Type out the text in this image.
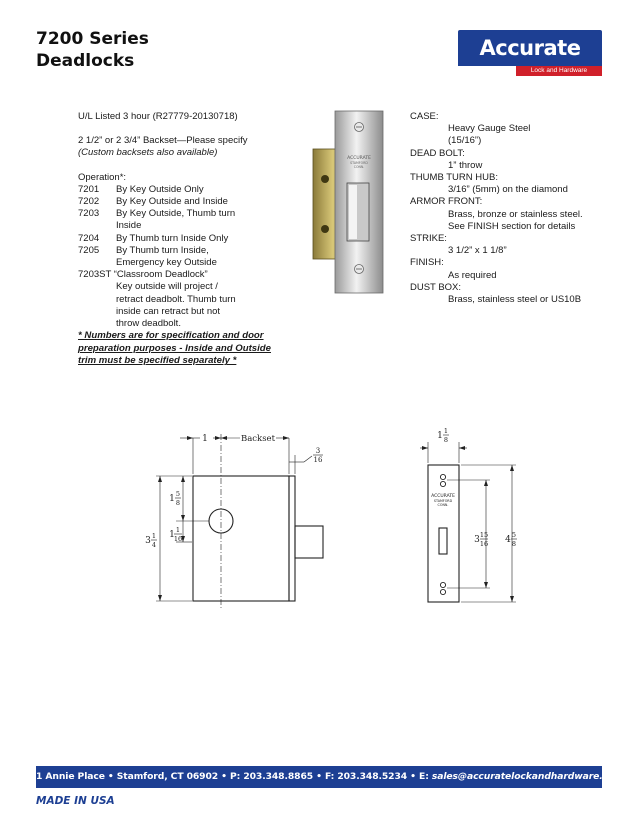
7200 Series
Deadlocks
Accurate
Lock and Hardware

U/L Listed 3 hour (R27779-20130718)

2 1/2” or 2 3/4” Backset—Please specify

(Custom backsets also available)

Operation*:

7201	By Key Outside Only
7202	By Key Outside and Inside
7203	By Key Outside, Thumb turn

Inside

7204	By Thumb turn Inside Only
7205	By Thumb turn Inside,

Emergency key Outside

7203ST “Classroom Deadlock”

Key outside will project /

retract deadbolt. Thumb turn

inside can retract but not

throw deadbolt.

* Numbers are for specification and door preparation purposes - Inside and Outside trim must be specified separately *

ACCURATE
STAMFORD
CONN.

CASE:

Heavy Gauge Steel

(15/16”)

DEAD BOLT:

1” throw

THUMB TURN HUB:

3/16” (5mm) on the diamond

ARMOR FRONT:

Brass, bronze or stainless steel.

See FINISH section for details

STRIKE:

3 1/2” x 1 1/8”

FINISH:

As required

DUST BOX:

Brass, stainless steel or US10B

1	Backset
3
16
1 5
8
3 1
4
1 1
16
1 1
8
ACCURATE
STAMFORD
CONN.
3 15
16 4 5
8
1 Annie Place • Stamford, CT 06902 • P: 203.348.8865 • F: 203.348.5234 • E: sales@accuratelockandhardware.com
MADE IN USA
